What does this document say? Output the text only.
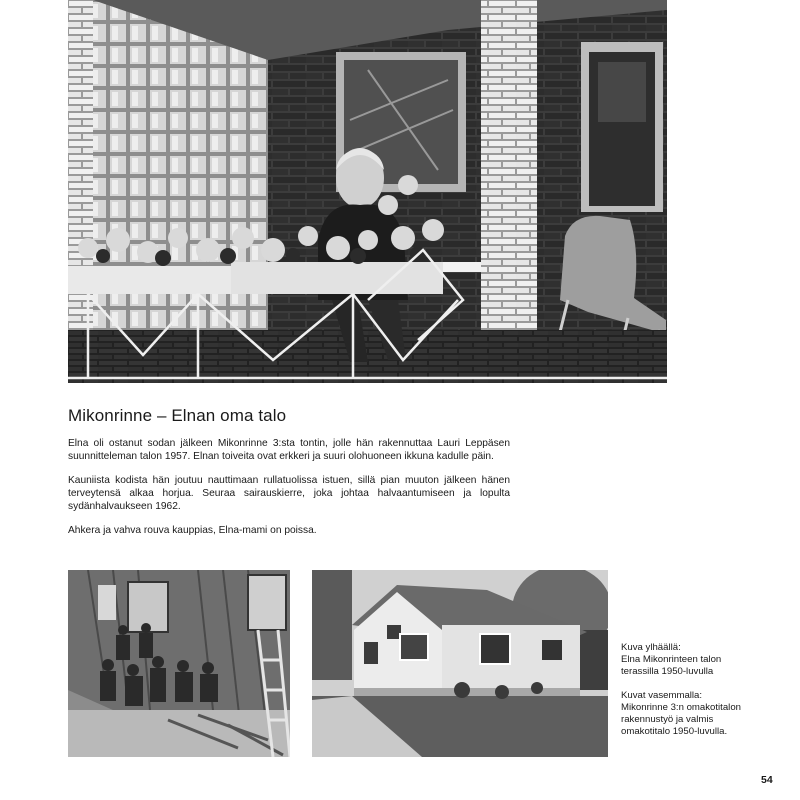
Mikonrinne – Elnan oma talo

Elna oli ostanut sodan jälkeen Mikonrinne 3:sta tontin, jolle hän rakennuttaa Lauri Leppäsen suunnitteleman talon 1957. Elnan toiveita ovat erkkeri ja suuri olohuoneen ikkuna kadulle päin.

Kauniista kodista hän joutuu nauttimaan rullatuolissa istuen, sillä pian muuton jälkeen hänen terveytensä alkaa horjua. Seuraa sairauskierre, joka johtaa halvaantumiseen ja lopulta sydänhalvaukseen 1962.

Ahkera ja vahva rouva kauppias, Elna-mami on poissa.

Kuva ylhäällä:

Elna Mikonrinteen talon

terassilla 1950-luvulla

Kuvat vasemmalla:

Mikonrinne 3:n omakotitalon

rakennustyö ja valmis

omakotitalo 1950-luvulla.

54
